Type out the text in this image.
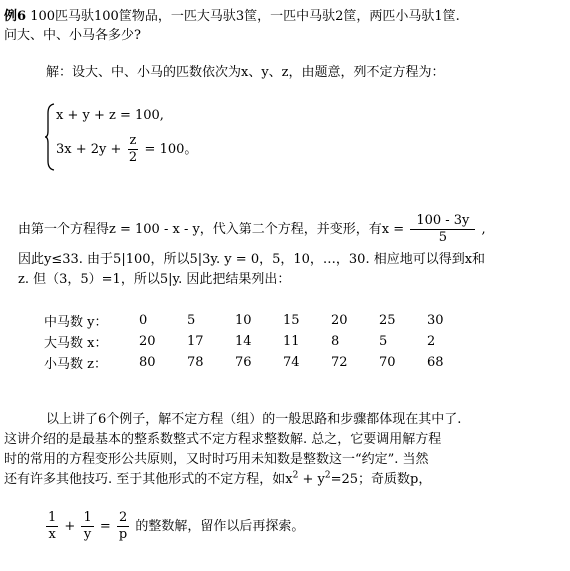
例6 100匹马驮100筐物品，一匹大马驮3筐，一匹中马驮2筐，两匹小马驮1筐.
问大、中、小马各多少?
解：设大、中、小马的匹数依次为x、y、z，由题意，列不定方程为：
x + y + z = 100,
$3x + 2y + \frac{z}{2} = 100$。
由第一个方程得z = 100 - x - y，代入第二个方程，并变形，有$x = \frac{100 - 3y}{5}$ ,
因此y≤33. 由于5|100，所以5|3y. y = 0，5，10，…，30. 相应地可以得到x和
z. 但（3，5）=1，所以5|y. 因此把结果列出：
中马数 y：	0	5	10	15	20	25	30
大马数 x：	20	17	14	11	8	5	2
小马数 z：	80	78	76	74	72	70	68
以上讲了6个例子，解不定方程（组）的一般思路和步骤都体现在其中了.
这讲介绍的是最基本的整系数整式不定方程求整数解. 总之，它要调用解方程
时的常用的方程变形公共原则，又时时巧用未知数是整数这一“约定”. 当然
还有许多其他技巧. 至于其他形式的不定方程，如$x^2 + y^2=25$；奇质数p，
$\frac{1}{x} + \frac{1}{y} = \frac{2}{p}$ 的整数解，留作以后再探索。
